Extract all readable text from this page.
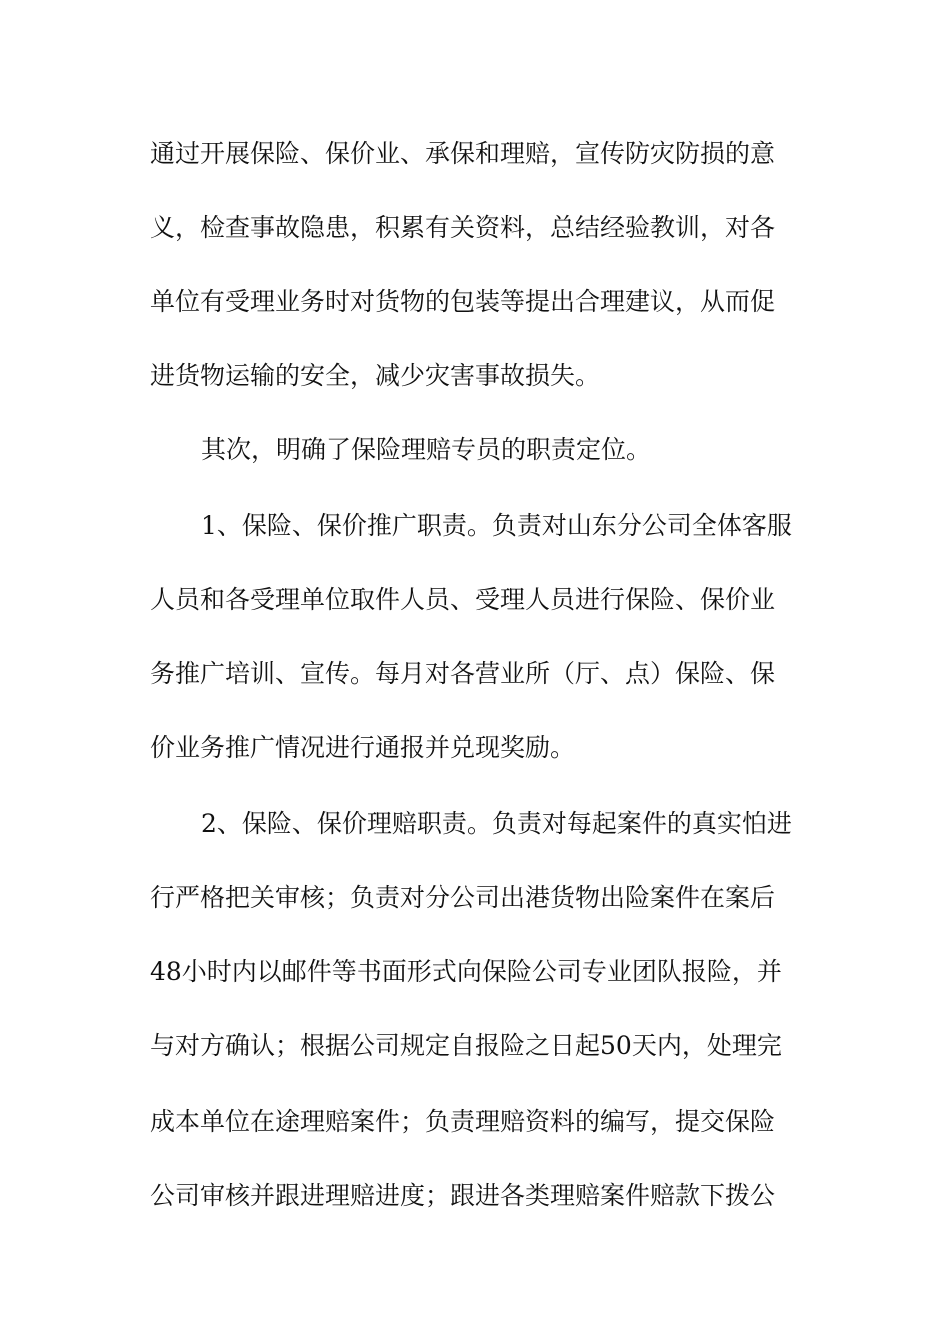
通过开展保险、保价业、承保和理赔，宣传防灾防损的意
义，检查事故隐患，积累有关资料，总结经验教训，对各
单位有受理业务时对货物的包装等提出合理建议，从而促
进货物运输的安全，减少灾害事故损失。
其次，明确了保险理赔专员的职责定位。
1、保险、保价推广职责。负责对山东分公司全体客服
人员和各受理单位取件人员、受理人员进行保险、保价业
务推广培训、宣传。每月对各营业所（厅、点）保险、保
价业务推广情况进行通报并兑现奖励。
2、保险、保价理赔职责。负责对每起案件的真实怕进
行严格把关审核；负责对分公司出港货物出险案件在案后
48小时内以邮件等书面形式向保险公司专业团队报险，并
与对方确认；根据公司规定自报险之日起50天内，处理完
成本单位在途理赔案件；负责理赔资料的编写，提交保险
公司审核并跟进理赔进度；跟进各类理赔案件赔款下拨公
